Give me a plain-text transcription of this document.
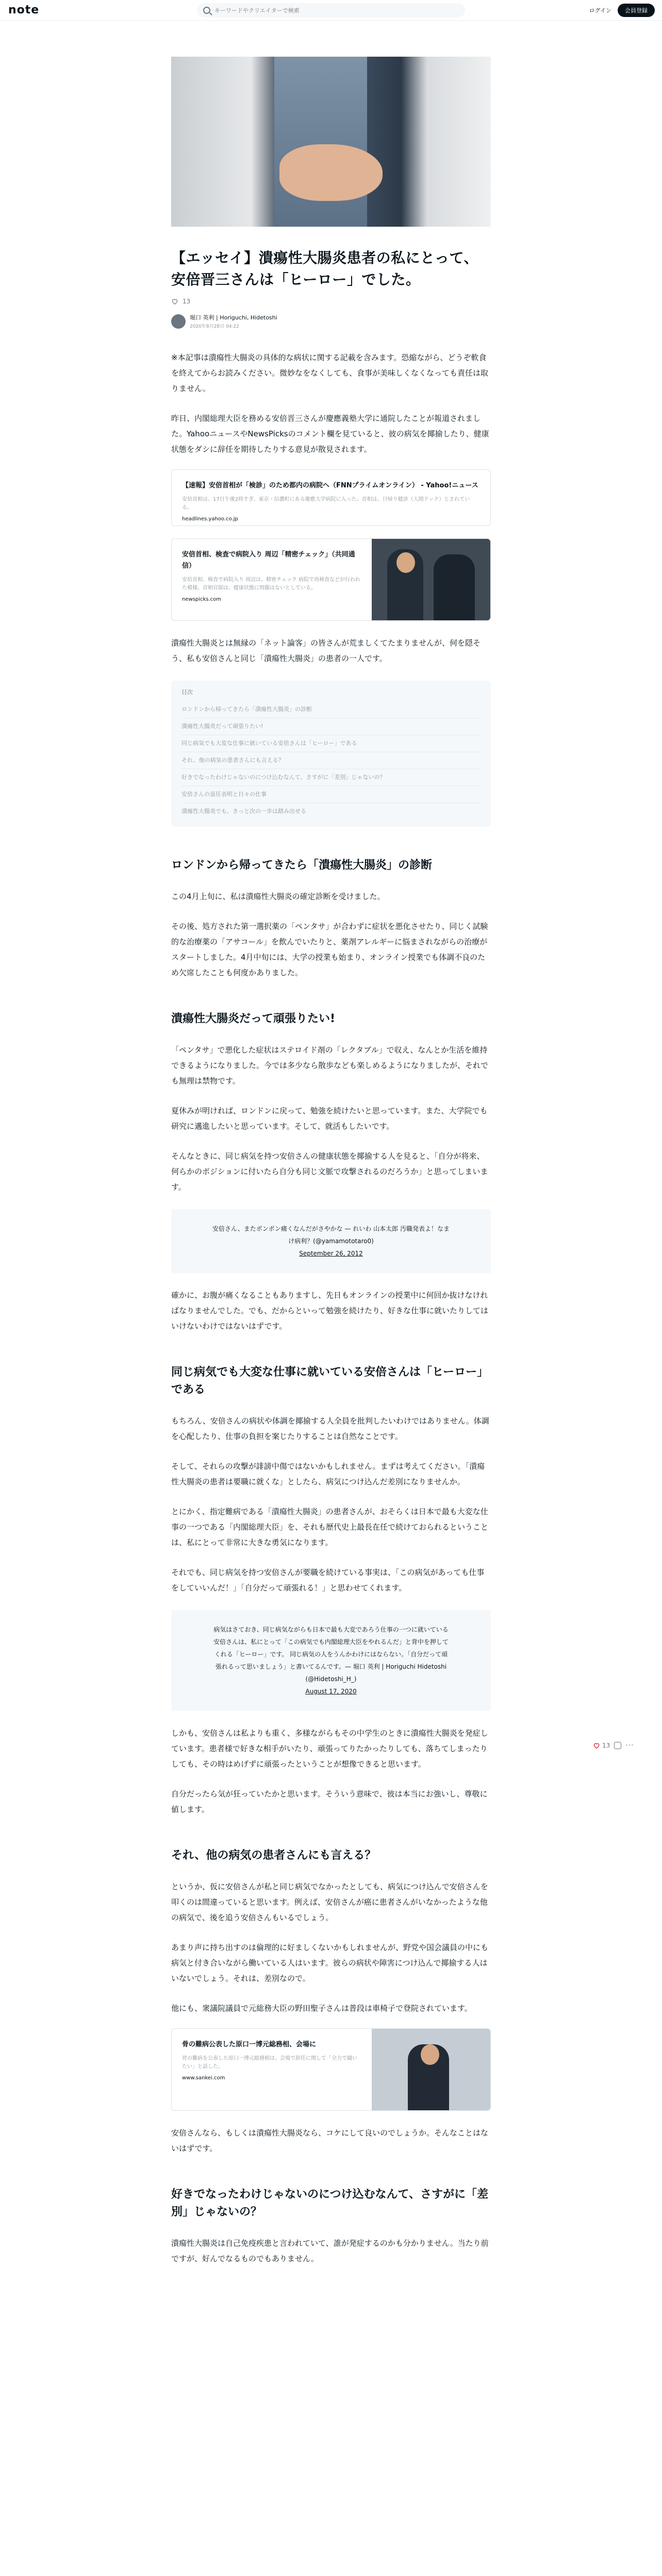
note
キーワードやクリエイターで検索	ログイン	会員登録
【エッセイ】潰瘍性大腸炎患者の私にとって、安倍晋三さんは「ヒーロー」でした。
13
堀口 英利 | Horiguchi, Hidetoshi
2020年8月28日 04:22

※本記事は潰瘍性大腸炎の具体的な病状に関する記載を含みます。恐縮ながら、どうぞ軟食を終えてからお読みください。微妙なをなくしても、食事が美味しくなくなっても責任は取りません。

昨日、内閣総理大臣を務める安倍晋三さんが慶應義塾大学に通院したことが報道されました。YahooニュースやNewsPicksのコメント欄を見ていると、彼の病気を揶揄したり、健康状態をダシに辞任を期待したりする意見が散見されます。

【速報】安倍首相が「検診」のため都内の病院へ（FNNプライムオンライン） - Yahoo!ニュース
安倍首相は、17日午後2時すぎ、東京・信濃町にある慶應大学病院に入った。首相は、日帰り健診（人間ドック）とされている。
headlines.yahoo.co.jp
安倍首相、検査で病院入り 周辺「精密チェック」（共同通信）
安倍首相、検査で病院入り 周辺は、精密チェック 病院で再検査などが行われた模様。首相官邸は、健康状態に問題はないとしている。
newspicks.com

潰瘍性大腸炎とは無縁の「ネット論客」の皆さんが荒ましくてたまりませんが、何を隠そう、私も安倍さんと同じ「潰瘍性大腸炎」の患者の一人です。

目次
ロンドンから帰ってきたら「潰瘍性大腸炎」の診断
潰瘍性大腸炎だって頑張りたい!
同じ病気でも大変な仕事に就いている安倍さんは「ヒーロー」である
それ、他の病気の患者さんにも言える？
好きでなったわけじゃないのにつけ込むなんて、さすがに「差別」じゃないの？
安倍さんの退任表明と日々の仕事
潰瘍性大腸炎でも、きっと次の一歩は踏み出せる
ロンドンから帰ってきたら「潰瘍性大腸炎」の診断

この4月上旬に、私は潰瘍性大腸炎の確定診断を受けました。

その後、処方された第一選択薬の「ペンタサ」が合わずに症状を悪化させたり、同じく試験的な治療薬の「アサコール」を飲んでいたりと、薬剤アレルギーに悩まされながらの治療がスタートしました。4月中旬には、大学の授業も始まり、オンライン授業でも体調不良のため欠席したことも何度かありました。

潰瘍性大腸炎だって頑張りたい!

「ペンタサ」で悪化した症状はステロイド剤の「レクタブル」で収え、なんとか生活を維持できるようになりました。今では多少なら散歩なども楽しめるようになりましたが、それでも無理は禁物です。

夏休みが明ければ、ロンドンに戻って、勉強を続けたいと思っています。また、大学院でも研究に邁進したいと思っています。そして、就活もしたいです。

そんなときに、同じ病気を持つ安倍さんの健康状態を揶揄する人を見ると、「自分が将来、何らかのポジションに付いたら自分も同じ文脈で攻撃されるのだろうか」と思ってしまいます。

安倍さん、またポンポン痛くなんだがさやかな — れいわ 山本太郎 汚職発表よ！なまけ病利？(@yamamototaro0)
September 26, 2012

確かに、お腹が痛くなることもありますし、先日もオンラインの授業中に何回か抜けなければなりませんでした。でも、だからといって勉強を続けたり、好きな仕事に就いたりしてはいけないわけではないはずです。

同じ病気でも大変な仕事に就いている安倍さんは「ヒーロー」である

もちろん、安倍さんの病状や体調を揶揄する人全員を批判したいわけではありません。体調を心配したり、仕事の負担を案じたりすることは自然なことです。

そして、それらの攻撃が誹謗中傷ではないかもしれません。まずは考えてください。「潰瘍性大腸炎の患者は要職に就くな」としたら、病気につけ込んだ差別になりませんか。

とにかく、指定難病である「潰瘍性大腸炎」の患者さんが、おそらくは日本で最も大変な仕事の一つである「内閣総理大臣」を、それも歴代史上最長在任で続けておられるということは、私にとって非常に大きな勇気になります。

それでも、同じ病気を持つ安倍さんが要職を続けている事実は、「この病気があっても仕事をしていいんだ！」「自分だって頑張れる！」と思わせてくれます。

病気はさておき、同じ病気ながらも日本で最も大変であろう仕事の一つに就いている安倍さんは、私にとって「この病気でも内閣総理大臣をやれるんだ」と背中を押してくれる「ヒーロー」です。 同じ病気の人をうんかわけにはならない。「自分だって頑張れるって思いましょう」と書いてるんです。— 堀口 英利 | Horiguchi Hidetoshi (@Hidetoshi_H_)
August 17, 2020

しかも、安倍さんは私よりも重く、多様ながらもその中学生のときに潰瘍性大腸炎を発症しています。患者様で好きな相手がいたり、頑張ってりたかったりしても、落ちてしまったりしても、その時はめげずに頑張ったということが想像できると思います。

自分だったら気が狂っていたかと思います。そういう意味で、彼は本当にお強いし、尊敬に値します。

それ、他の病気の患者さんにも言える？

というか、仮に安倍さんが私と同じ病気でなかったとしても、病気につけ込んで安倍さんを叩くのは間違っていると思います。例えば、安倍さんが癌に患者さんがいなかったような他の病気で、後を追う安倍さんもいるでしょう。

あまり声に持ち出すのは倫理的に好ましくないかもしれませんが、野党や国会議員の中にも病気と付き合いながら働いている人はいます。彼らの病状や障害につけ込んで揶揄する人はいないでしょう。それは、差別なので。

他にも、衆議院議員で元総務大臣の野田聖子さんは普段は車椅子で登院されています。

骨の難病公表した原口一博元総務相、会場に
骨の難病を公表した原口一博元総務相は、会場で辞任に関して「全力で闘いたい」と話した。
www.sankei.com

安倍さんなら、もしくは潰瘍性大腸炎なら、コケにして良いのでしょうか。そんなことはないはずです。

好きでなったわけじゃないのにつけ込むなんて、さすがに「差別」じゃないの？

潰瘍性大腸炎は自己免疫疾患と言われていて、誰が発症するのかも分かりません。当たり前ですが、好んでなるものでもありません。

13 ···
